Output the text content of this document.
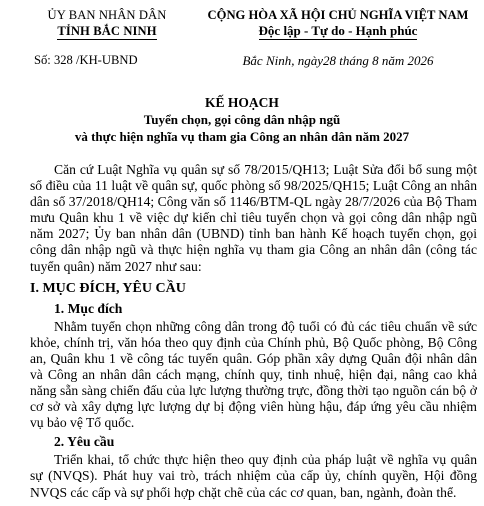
ỦY BAN NHÂN DÂN
TỈNH BẮC NINH
Số: 328 /KH-UBND
CỘNG HÒA XÃ HỘI CHỦ NGHĨA VIỆT NAM
Độc lập - Tự do - Hạnh phúc
Bắc Ninh, ngày28 tháng 8 năm 2026
KẾ HOẠCH
Tuyển chọn, gọi công dân nhập ngũ
và thực hiện nghĩa vụ tham gia Công an nhân dân năm 2027

Căn cứ Luật Nghĩa vụ quân sự số 78/2015/QH13; Luật Sửa đổi bổ sung một số điều của 11 luật về quân sự, quốc phòng số 98/2025/QH15; Luật Công an nhân dân số 37/2018/QH14; Công văn số 1146/BTM-QL ngày 28/7/2026 của Bộ Tham mưu Quân khu 1 về việc dự kiến chỉ tiêu tuyển chọn và gọi công dân nhập ngũ năm 2027; Ủy ban nhân dân (UBND) tỉnh ban hành Kế hoạch tuyển chọn, gọi công dân nhập ngũ và thực hiện nghĩa vụ tham gia Công an nhân dân (công tác tuyển quân) năm 2027 như sau:

I. MỤC ĐÍCH, YÊU CẦU
1. Mục đích

Nhằm tuyển chọn những công dân trong độ tuổi có đủ các tiêu chuẩn về sức khỏe, chính trị, văn hóa theo quy định của Chính phủ, Bộ Quốc phòng, Bộ Công an, Quân khu 1 về công tác tuyển quân. Góp phần xây dựng Quân đội nhân dân và Công an nhân dân cách mạng, chính quy, tinh nhuệ, hiện đại, nâng cao khả năng sẵn sàng chiến đấu của lực lượng thường trực, đồng thời tạo nguồn cán bộ ở cơ sở và xây dựng lực lượng dự bị động viên hùng hậu, đáp ứng yêu cầu nhiệm vụ bảo vệ Tổ quốc.

2. Yêu cầu

Triển khai, tổ chức thực hiện theo quy định của pháp luật về nghĩa vụ quân sự (NVQS). Phát huy vai trò, trách nhiệm của cấp ủy, chính quyền, Hội đồng NVQS các cấp và sự phối hợp chặt chẽ của các cơ quan, ban, ngành, đoàn thể.
